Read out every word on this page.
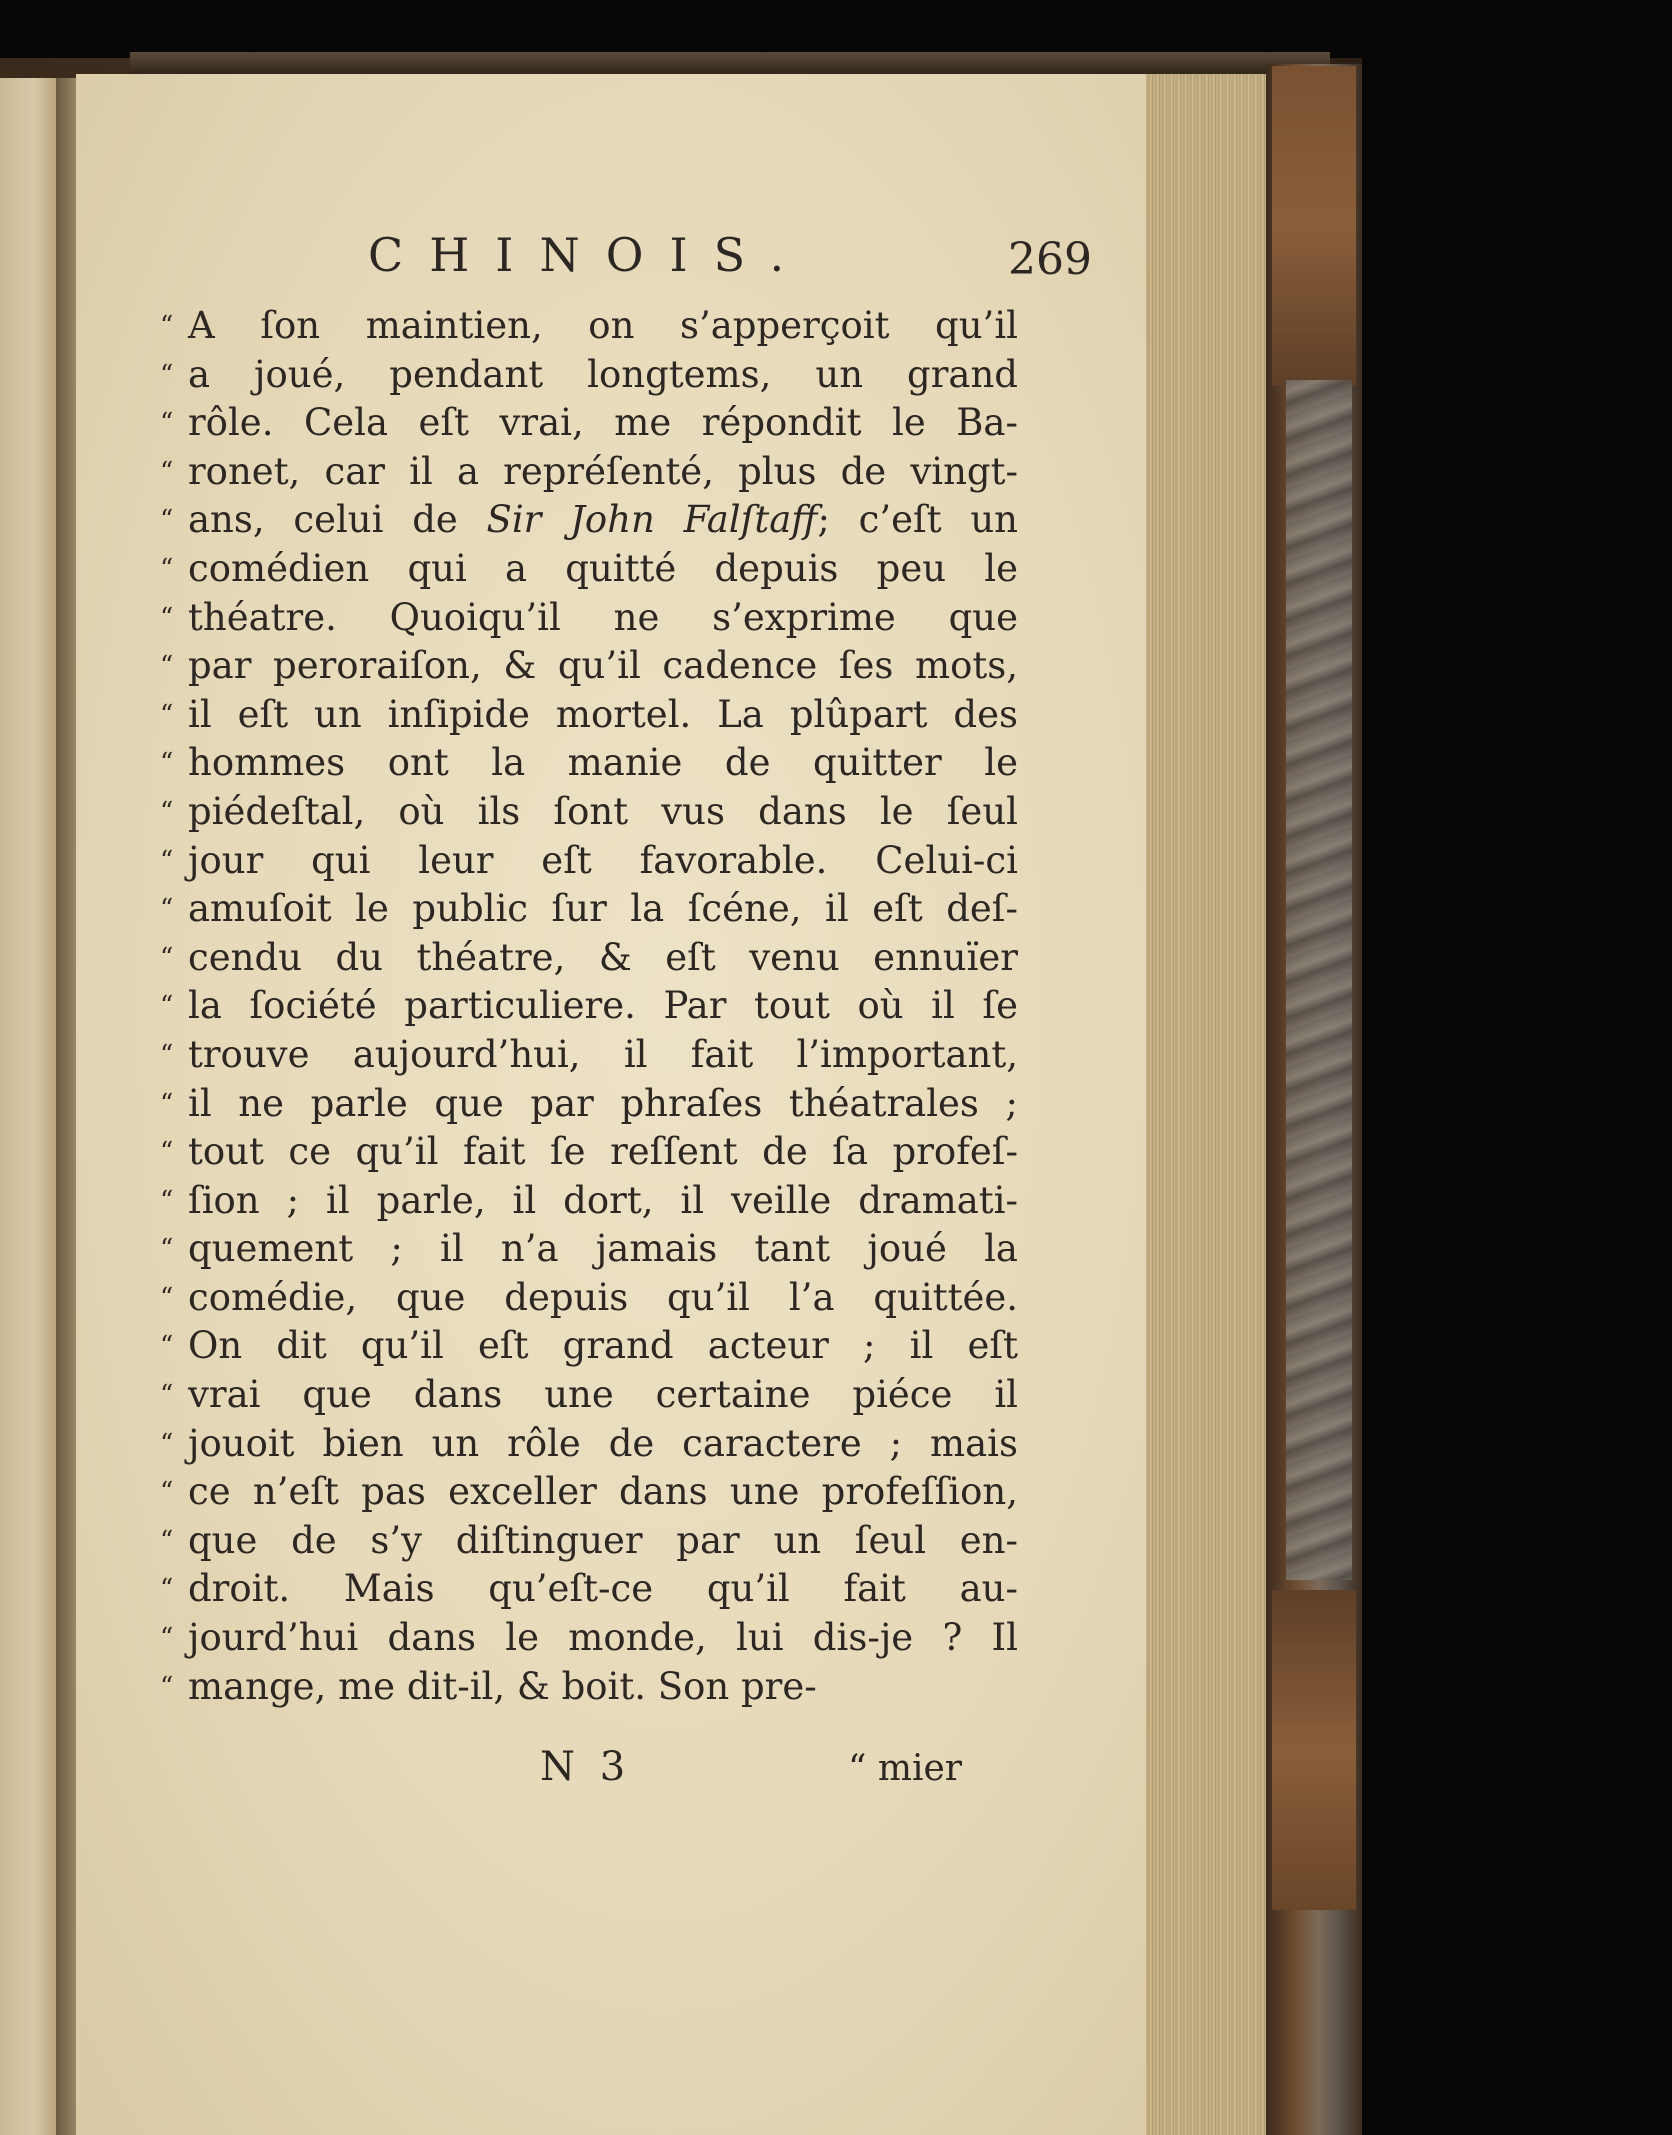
CHINOIS.	269
“ A ſon maintien, on s’apperçoit qu’il
“ a joué, pendant longtems, un grand
“ rôle. Cela eſt vrai, me répondit le Ba-
“ ronet, car il a repréſenté, plus de vingt-
“ ans, celui de Sir John Falſtaff; c’eſt un
“ comédien qui a quitté depuis peu le
“ théatre. Quoiqu’il ne s’exprime que
“ par peroraiſon, & qu’il cadence ſes mots,
“ il eſt un inſipide mortel. La plûpart des
“ hommes ont la manie de quitter le
“ piédeſtal, où ils ſont vus dans le ſeul
“ jour qui leur eſt favorable. Celui-ci
“ amuſoit le public ſur la ſcéne, il eſt deſ-
“ cendu du théatre, & eſt venu ennuïer
“ la ſociété particuliere. Par tout où il ſe
“ trouve aujourd’hui, il fait l’important,
“ il ne parle que par phraſes théatrales ;
“ tout ce qu’il fait ſe reſſent de ſa profeſ-
“ ſion ; il parle, il dort, il veille dramati-
“ quement ; il n’a jamais tant joué la
“ comédie, que depuis qu’il l’a quittée.
“ On dit qu’il eſt grand acteur ; il eſt
“ vrai que dans une certaine piéce il
“ jouoit bien un rôle de caractere ; mais
“ ce n’eſt pas exceller dans une profeſſion,
“ que de s’y diſtinguer par un ſeul en-
“ droit. Mais qu’eſt-ce qu’il fait au-
“ jourd’hui dans le monde, lui dis-je ? Il
“ mange, me dit-il, & boit. Son pre-
N 3	“ mier
